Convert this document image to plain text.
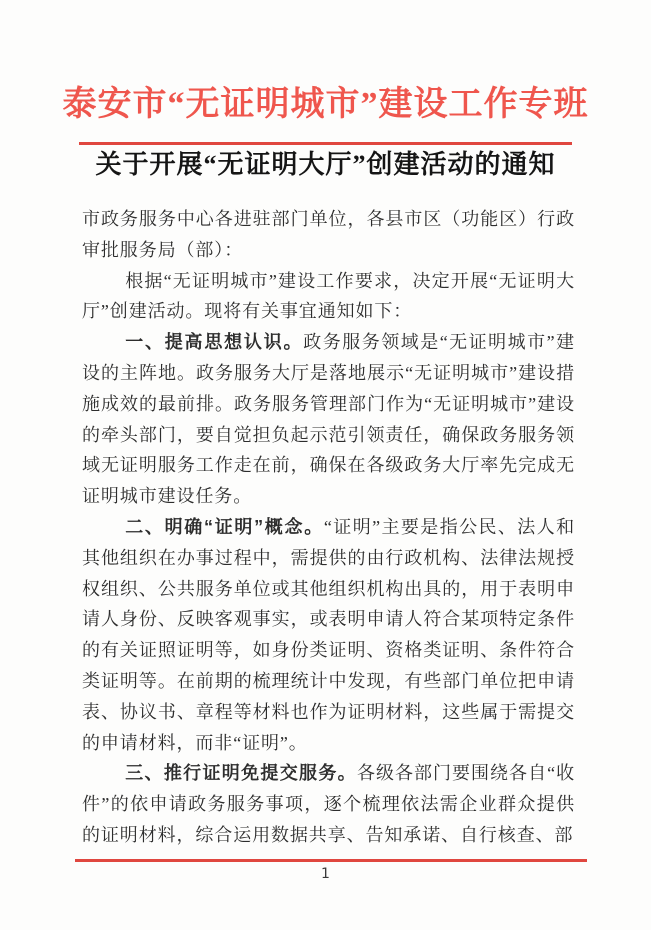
泰安市“无证明城市”建设工作专班
关于开展“无证明大厅”创建活动的通知

市政务服务中心各进驻部门单位，各县市区（功能区）行政审批服务局（部）：

根据“无证明城市”建设工作要求，决定开展“无证明大厅”创建活动。现将有关事宜通知如下：

一、提高思想认识。政务服务领域是“无证明城市”建设的主阵地。政务服务大厅是落地展示“无证明城市”建设措施成效的最前排。政务服务管理部门作为“无证明城市”建设的牵头部门，要自觉担负起示范引领责任，确保政务服务领域无证明服务工作走在前，确保在各级政务大厅率先完成无证明城市建设任务。

二、明确“证明”概念。“证明”主要是指公民、法人和其他组织在办事过程中，需提供的由行政机构、法律法规授权组织、公共服务单位或其他组织机构出具的，用于表明申请人身份、反映客观事实，或表明申请人符合某项特定条件的有关证照证明等，如身份类证明、资格类证明、条件符合类证明等。在前期的梳理统计中发现，有些部门单位把申请表、协议书、章程等材料也作为证明材料，这些属于需提交的申请材料，而非“证明”。

三、推行证明免提交服务。各级各部门要围绕各自“收件”的依申请政务服务事项，逐个梳理依法需企业群众提供的证明材料，综合运用数据共享、告知承诺、自行核查、部

1
